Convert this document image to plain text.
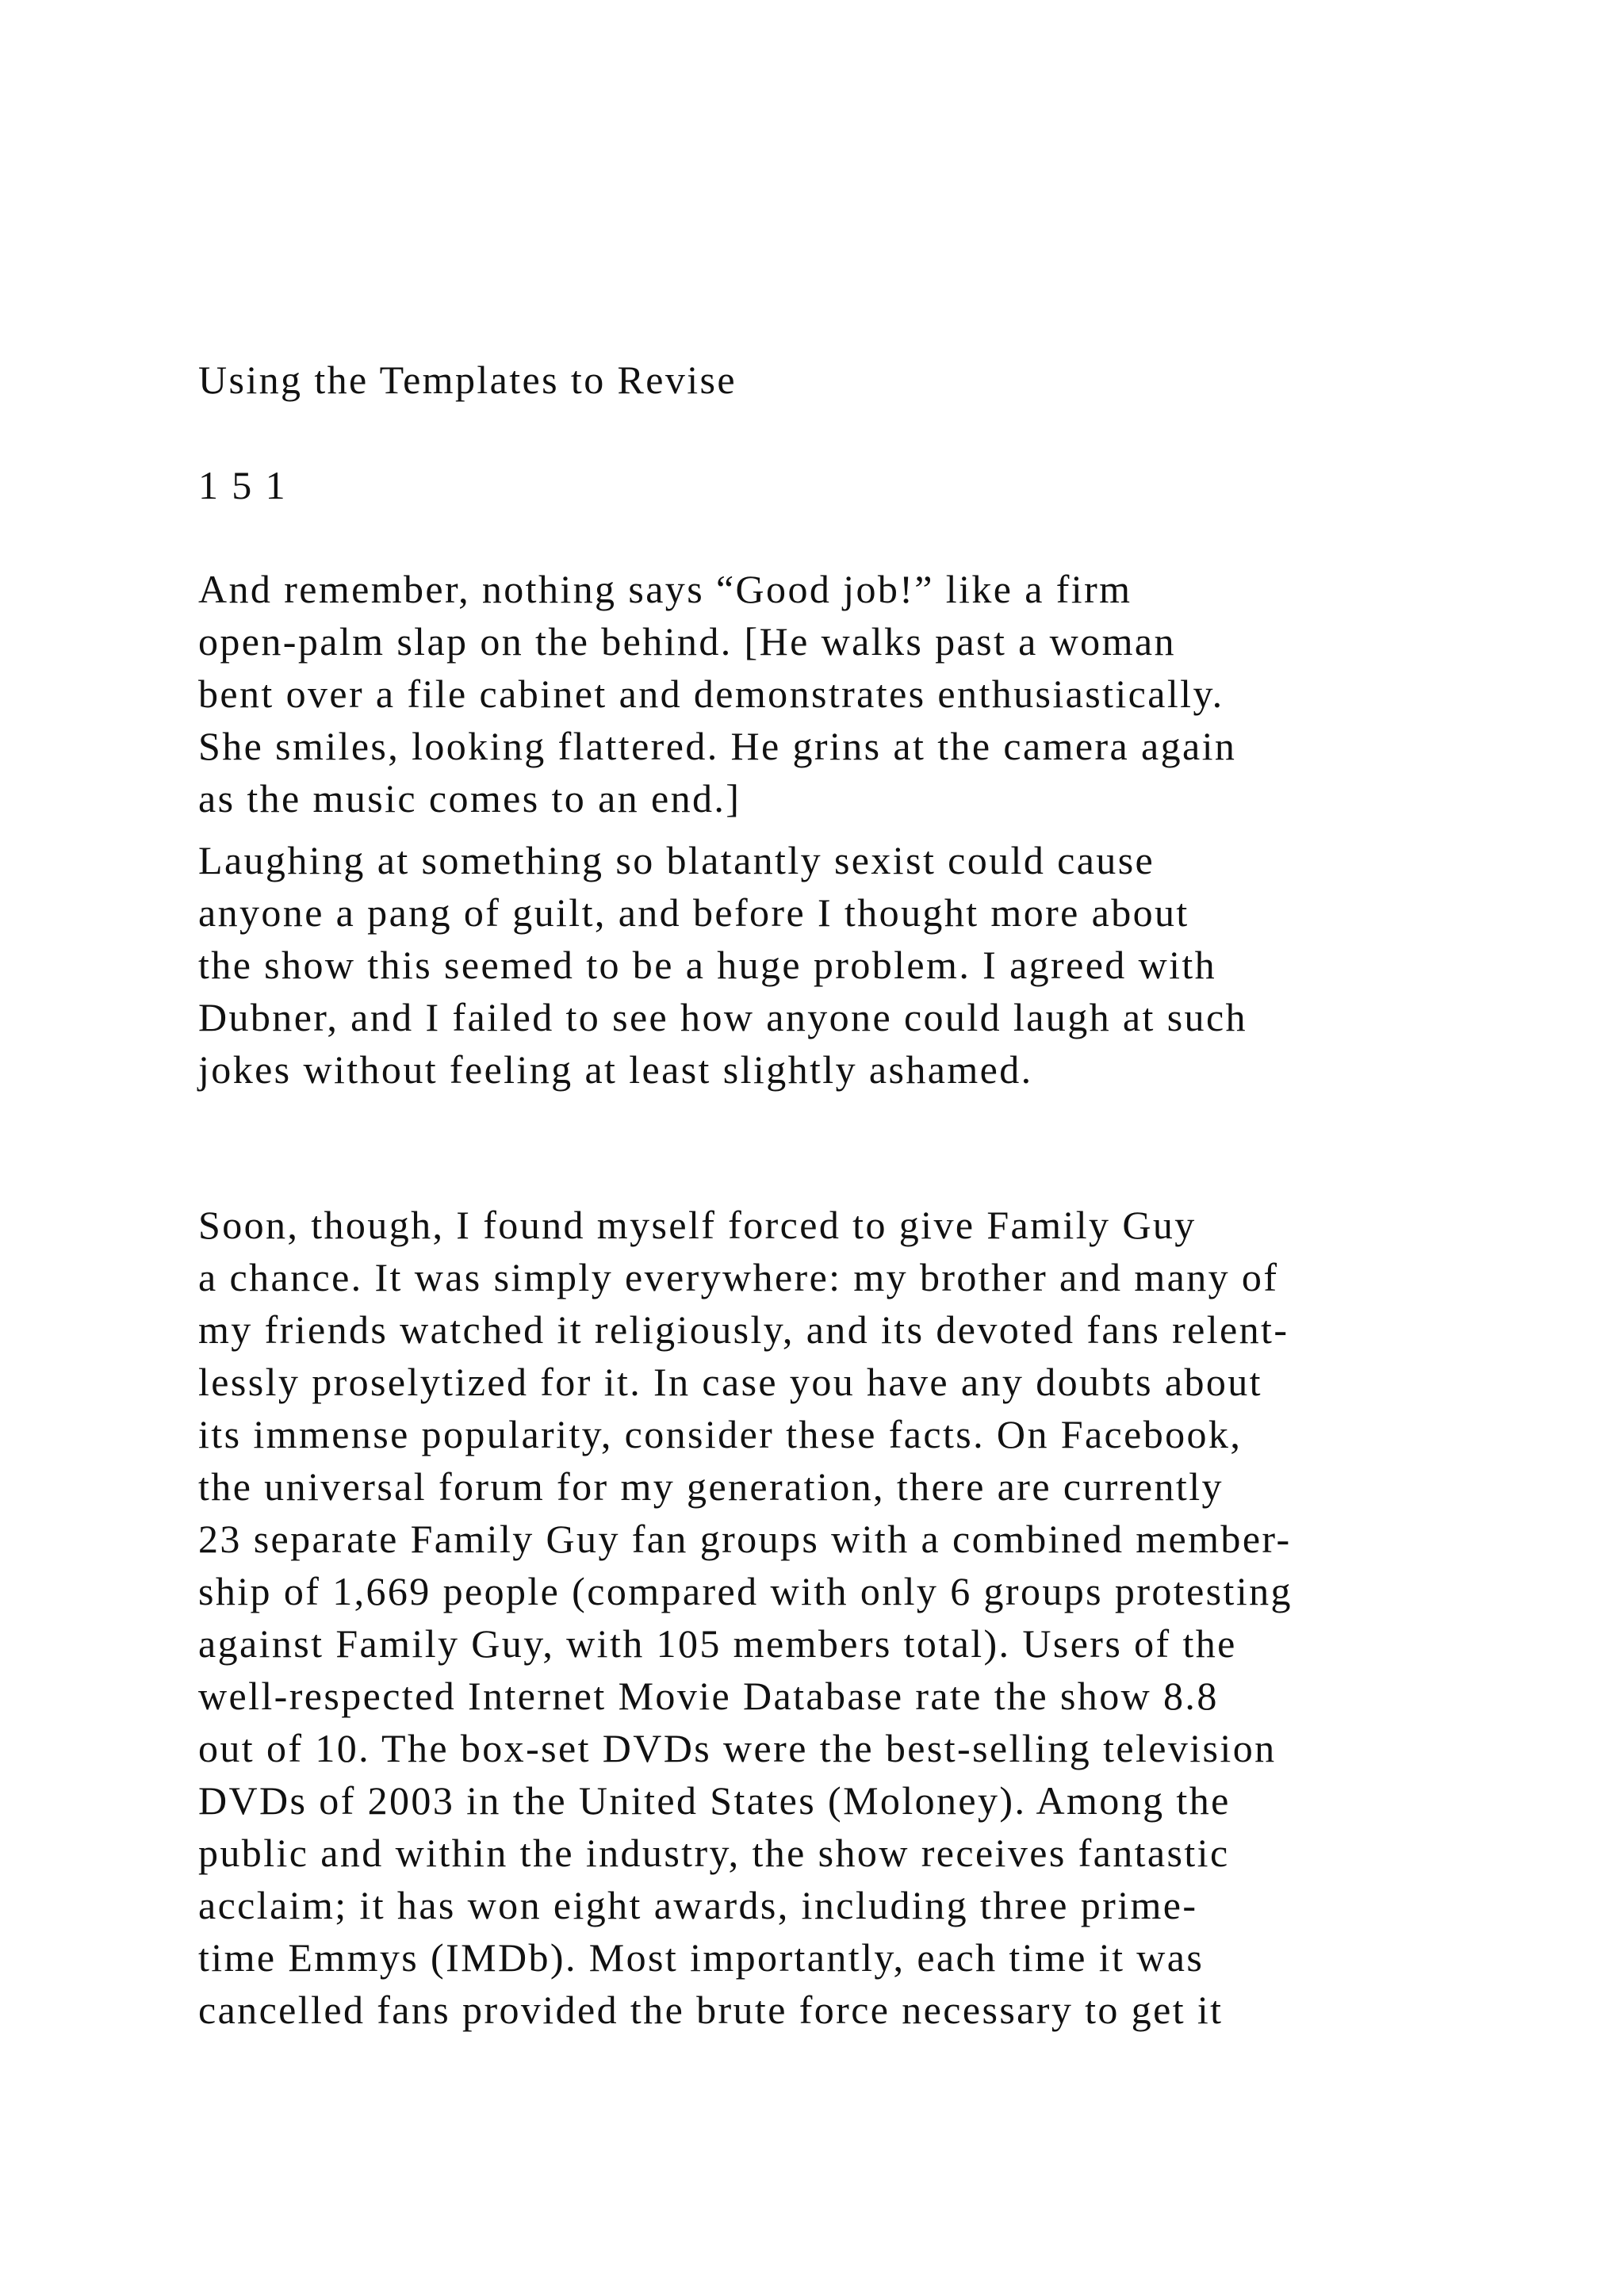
Using the Templates to Revise
1 5 1
And remember, nothing says “Good job!” like a firm
open-palm slap on the behind. [He walks past a woman
bent over a file cabinet and demonstrates enthusiastically.
She smiles, looking flattered. He grins at the camera again
as the music comes to an end.]
Laughing at something so blatantly sexist could cause
anyone a pang of guilt, and before I thought more about
the show this seemed to be a huge problem. I agreed with
Dubner, and I failed to see how anyone could laugh at such
jokes without feeling at least slightly ashamed.
Soon, though, I found myself forced to give Family Guy
a chance. It was simply everywhere: my brother and many of
my friends watched it religiously, and its devoted fans relent-
lessly proselytized for it. In case you have any doubts about
its immense popularity, consider these facts. On Facebook,
the universal forum for my generation, there are currently
23 separate Family Guy fan groups with a combined member-
ship of 1,669 people (compared with only 6 groups protesting
against Family Guy, with 105 members total). Users of the
well-respected Internet Movie Database rate the show 8.8
out of 10. The box-set DVDs were the best-selling television
DVDs of 2003 in the United States (Moloney). Among the
public and within the industry, the show receives fantastic
acclaim; it has won eight awards, including three prime-
time Emmys (IMDb). Most importantly, each time it was
cancelled fans provided the brute force necessary to get it
